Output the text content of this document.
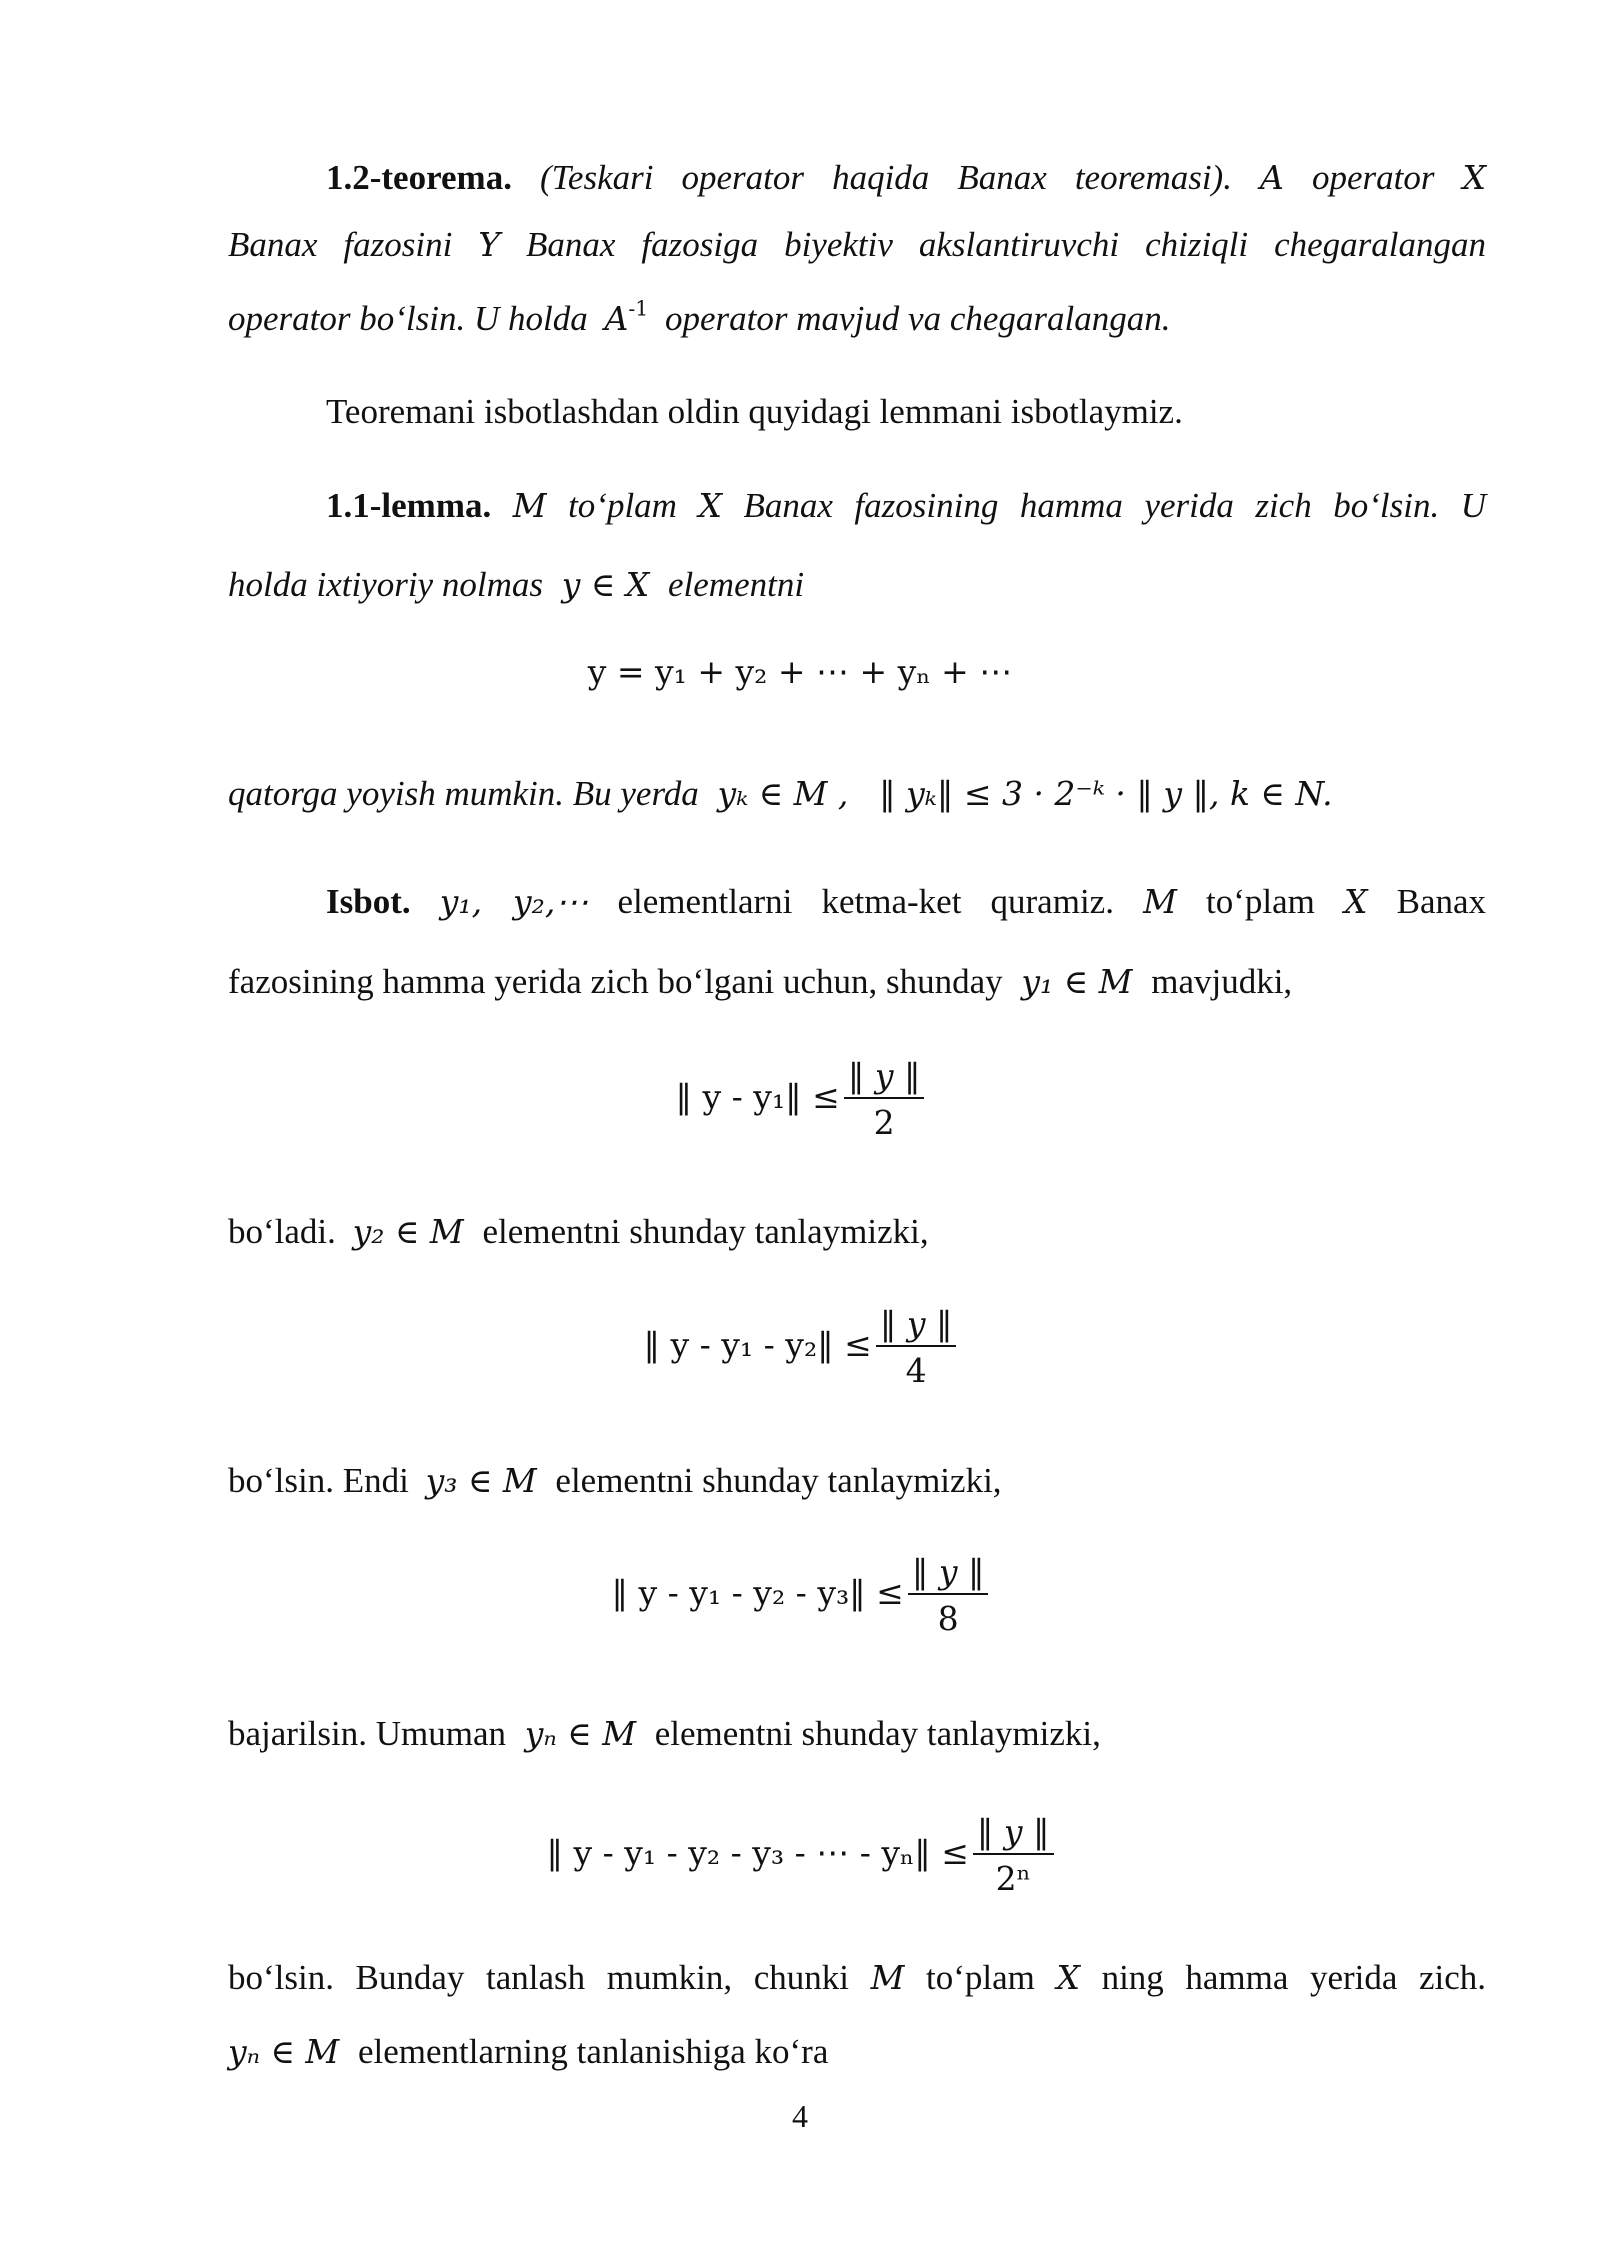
1.2-teorema. (Teskari operator haqida Banax teoremasi). A operator X
Banax fazosini Y Banax fazosiga biyektiv akslantiruvchi chiziqli chegaralangan
operator bo‘lsin. U holda $A^{-1}$ operator mavjud va chegaralangan.
Teoremani isbotlashdan oldin quyidagi lemmani isbotlaymiz.
1.1-lemma. M to‘plam X Banax fazosining hamma yerida zich bo‘lsin. U
holda ixtiyoriy nolmas y ∈ X elementni
y = y₁ + y₂ + ⋯ + yₙ + ⋯
qatorga yoyish mumkin. Bu yerda yₖ ∈ M , ‖ yₖ‖ ≤ 3 · 2⁻ᵏ · ‖ y ‖, k ∈ N.
Isbot. y₁, y₂,⋯ elementlarni ketma-ket quramiz. M to‘plam X Banax
fazosining hamma yerida zich bo‘lgani uchun, shunday y₁ ∈ M mavjudki,
‖ y - y₁‖ ≤ $\frac{‖ y ‖}{2}$
bo‘ladi. y₂ ∈ M elementni shunday tanlaymizki,
‖ y - y₁ - y₂‖ ≤ $\frac{‖ y ‖}{4}$
bo‘lsin. Endi y₃ ∈ M elementni shunday tanlaymizki,
‖ y - y₁ - y₂ - y₃‖ ≤ $\frac{‖ y ‖}{8}$
bajarilsin. Umuman yₙ ∈ M elementni shunday tanlaymizki,
‖ y - y₁ - y₂ - y₃ - ⋯ - yₙ‖ ≤ $\frac{‖ y ‖}{\text{2ⁿ}}$
bo‘lsin. Bunday tanlash mumkin, chunki M to‘plam X ning hamma yerida zich.
yₙ ∈ M elementlarning tanlanishiga ko‘ra
4
